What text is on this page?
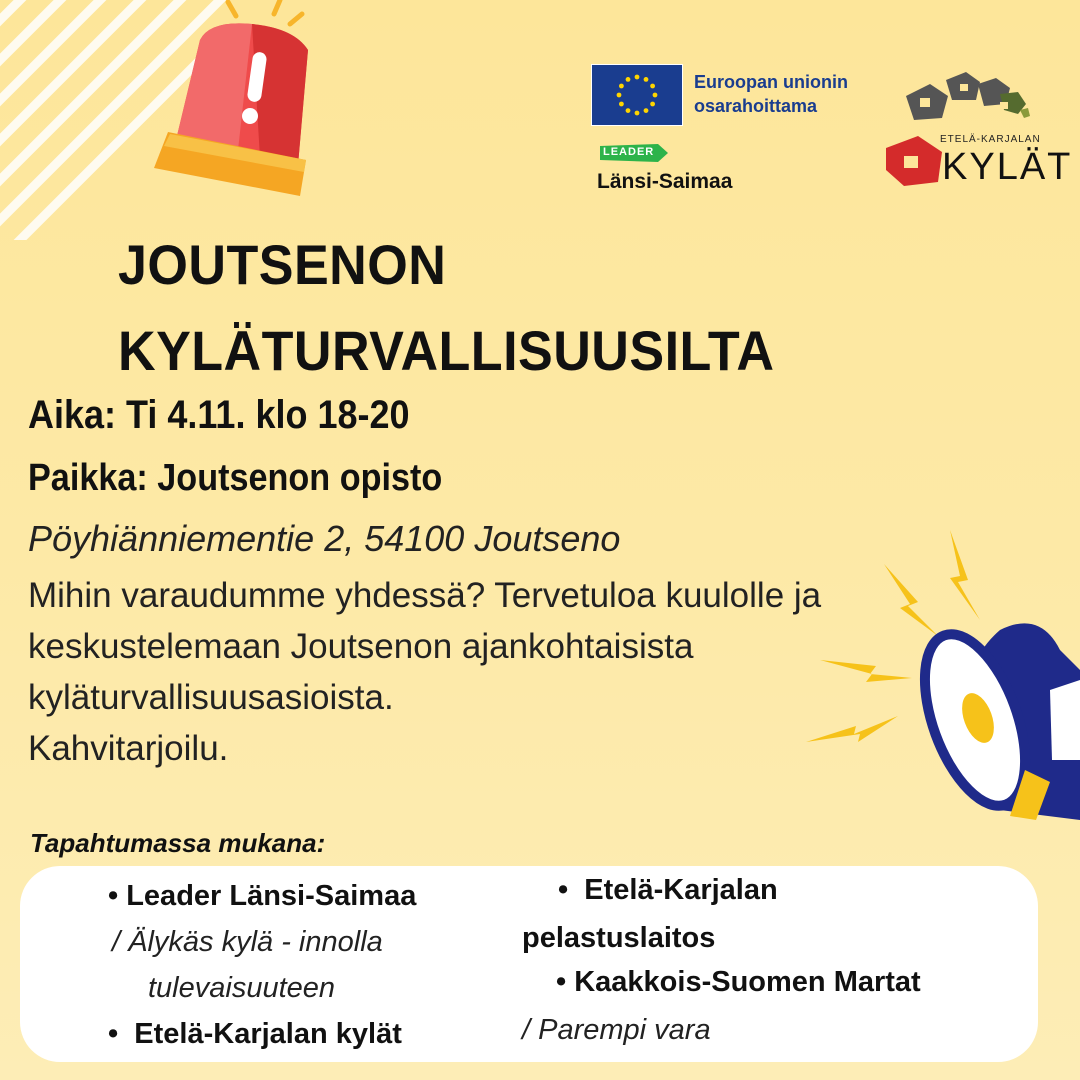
Euroopan unionin
osarahoittama
LEADER
Länsi-Saimaa
ETELÄ-KARJALAN
KYLÄT
JOUTSENON
KYLÄTURVALLISUUSILTA
Aika: Ti 4.11. klo 18-20
Paikka: Joutsenon opisto
Pöyhiänniementie 2, 54100 Joutseno
Mihin varaudumme yhdessä? Tervetuloa kuulolle ja
keskustelemaan Joutsenon ajankohtaisista
kyläturvallisuusasioista.
Kahvitarjoilu.
Tapahtumassa mukana:
• Leader Länsi-Saimaa
/ Älykäs kylä - innolla
tulevaisuuteen
•  Etelä-Karjalan kylät
•  Etelä-Karjalan
pelastuslaitos
• Kaakkois-Suomen Martat
/ Parempi vara
